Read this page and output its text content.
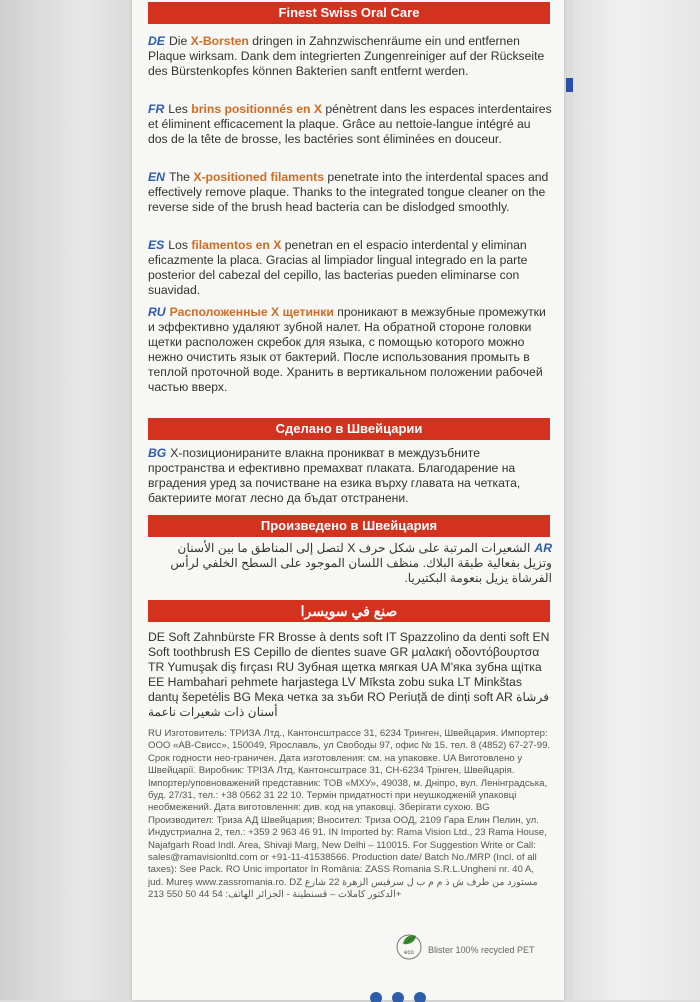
Finest Swiss Oral Care
DE Die X-Borsten dringen in Zahnzwischenräume ein und entfernen Plaque wirksam. Dank dem integrierten Zungenreiniger auf der Rückseite des Bürstenkopfes können Bakterien sanft entfernt werden.
FR Les brins positionnés en X pénètrent dans les espaces interdentaires et éliminent efficacement la plaque. Grâce au nettoie-langue intégré au dos de la tête de brosse, les bactéries sont éliminées en douceur.
EN The X-positioned filaments penetrate into the interdental spaces and effectively remove plaque. Thanks to the integrated tongue cleaner on the reverse side of the brush head bacteria can be dislodged smoothly.
ES Los filamentos en X penetran en el espacio interdental y eliminan eficazmente la placa. Gracias al limpiador lingual integrado en la parte posterior del cabezal del cepillo, las bacterias pueden eliminarse con suavidad.
RU Расположенные X щетинки проникают в межзубные промежутки и эффективно удаляют зубной налет. На обратной стороне головки щетки расположен скребок для языка, с помощью которого можно нежно очистить язык от бактерий. После использования промыть в теплой проточной воде. Хранить в вертикальном положении рабочей частью вверх.
Сделано в Швейцарии
BG X-позиционираните влакна проникват в междузъбните пространства и ефективно премахват плаката. Благодарение на вградения уред за почистване на езика върху главата на четката, бактериите могат лесно да бъдат отстранени.
Произведено в Швейцария
ARالشعيرات المرتبة على شكل حرف X لتصل إلى المناطق ما بين الأسنان وتزيل بفعالية طبقة البلاك. منظف اللسان الموجود على السطح الخلفي لرأس الفرشاة يزيل بنعومة البكتيريا.
صنع في سويسرا
DE Soft Zahnbürste FR Brosse à dents soft IT Spazzolino da denti soft EN Soft toothbrush ES Cepillo de dientes suave GR μαλακή οδοντόβουρτσα TR Yumuşak diş fırçası RU Зубная щетка мягкая UA М'яка зубна щітка EE Hambahari pehmete harjastega LV Mīksta zobu suka LT Minkštas dantų šepetėlis BG Мека четка за зъби RO Periuță de dinți soft AR فرشاة أسنان ذات شعيرات ناعمة
RU Изготовитель: ТРИЗА Лтд., Кантонсштрассе 31, 6234 Тринген, Швейцария. Импортер: ООО «АВ-Свисс», 150049, Ярославль, ул Свободы 97, офис № 15. тел. 8 (4852) 67-27-99. Срок годности нео-граничен. Дата изготовления: см. на упаковке. UA Виготовлено у Швейцарії. Виробник: ТРІЗА Лтд, Кантонсштрасе 31, CH-6234 Трінген, Швейцарія. Імпортер/уповноважений представник: ТОВ «МХУ», 49038, м. Дніпро, вул. Ленінградська, буд. 27/31, тел.: +38 0562 31 22 10. Термін придатності при неушкодженій упаковці необмежений. Дата виготовлення: див. код на упаковці. Зберігати сухою. BG Производител: Триза АД Швейцария; Вносител: Триза ООД, 2109 Гара Елин Пелин, ул. Индустриална 2, тел.: +359 2 963 46 91. IN Imported by: Rama Vision Ltd., 23 Rama House, Najafgarh Road Indl. Area, Shivaji Marg, New Delhi – 110015. For Suggestion Write or Call: sales@ramavisionltd.com or +91-11-41538566. Production date/ Batch No./MRP (Incl. of all taxes): See Pack. RO Unic importator în România: ZASS Romania S.R.L.Ungheni nr. 40 A, jud. Mureș www.zassromania.ro. DZ مستورد من طرف ش ذ م م ب ل سرفيس الزهرة 22 شارع الدكتور كاملات – قسنطينة - الجزائر الهاتف: 54 44 50 550 213+
eco Blister 100% recycled PET
